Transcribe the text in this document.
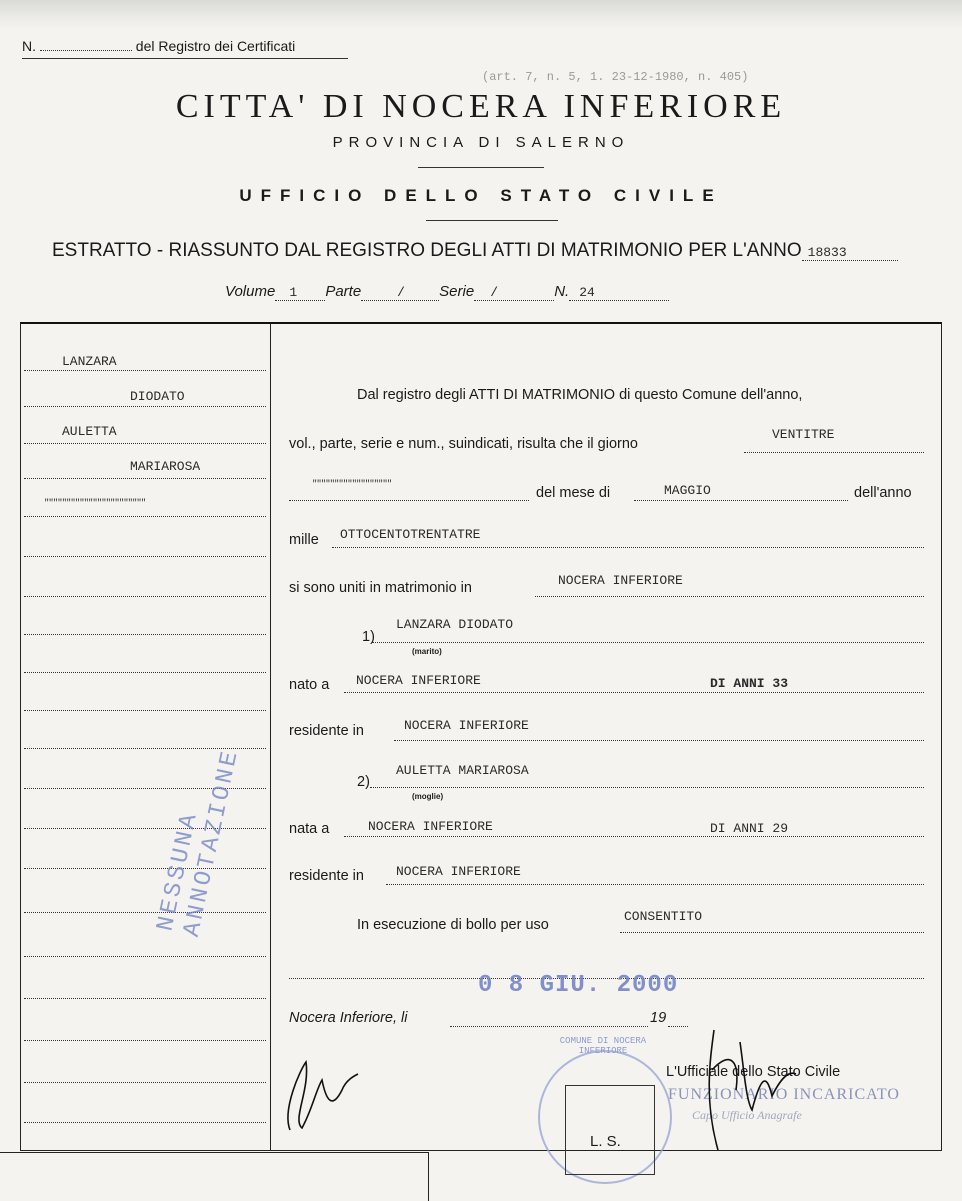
N.	del Registro dei Certificati
(art. 7, n. 5, 1. 23-12-1980, n. 405)
CITTA' DI NOCERA INFERIORE
PROVINCIA DI SALERNO
UFFICIO DELLO STATO CIVILE
ESTRATTO - RIASSUNTO DAL REGISTRO DEGLI ATTI DI MATRIMONIO PER L'ANNO 18833
Volume 1 Parte	/ Serie /	N. 24
LANZARA
DIODATO
AULETTA
MARIAROSA
"""""""""""""""""""""""
NESSUNA ANNOTAZIONE
Dal registro degli ATTI DI MATRIMONIO di questo Comune dell'anno,
vol., parte, serie e num., suindicati, risulta che il giorno
VENTITRE
""""""""""""""""""
del mese di	MAGGIO	dell'anno
mille OTTOCENTOTRENTATRE
si sono uniti in matrimonio in	NOCERA INFERIORE
1)
LANZARA DIODATO
(marito)
nato a NOCERA INFERIORE	DI ANNI 33
residente in	NOCERA INFERIORE
2)
AULETTA MARIAROSA
(moglie)
nata a	NOCERA INFERIORE	DI ANNI 29
residente in NOCERA INFERIORE
In esecuzione di bollo per uso
CONSENTITO
0 8 GIU. 2000
Nocera Inferiore, li	19
L'Ufficiale dello Stato Civile
FUNZIONARIO INCARICATO
Capo Ufficio Anagrafe
COMUNE DI NOCERA INFERIORE
L. S.
